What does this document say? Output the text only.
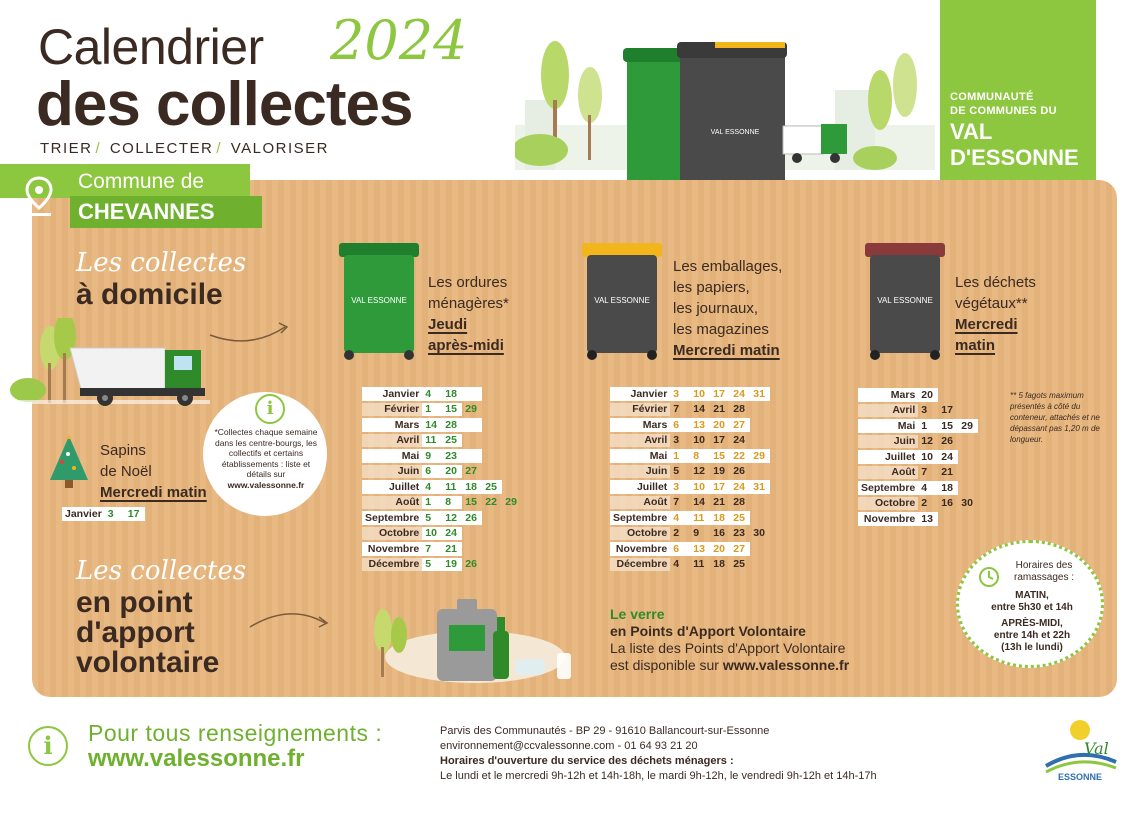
Calendrier 2024
des collectes
TRIER / COLLECTER / VALORISER
VAL ESSONNE
COMMUNAUTÉ
DE COMMUNES DU
VAL
D'ESSONNE
Commune de
CHEVANNES
Les collectes
à domicile
Sapins
de Noël
Mercredi matin
Janvier	3	17
i
*Collectes chaque semaine dans les centre-bourgs, les collectifs et certains établissements : liste et détails sur
www.valessonne.fr
VAL ESSONNE
Les ordures
ménagères*
Jeudi
après-midi
VAL ESSONNE
Les emballages,
les papiers,
les journaux,
les magazines
Mercredi matin
VAL ESSONNE
Les déchets
végétaux**
Mercredi
matin
Janvier	4	18			
Février	1	15	29		
Mars	14	28			
Avril	11	25			
Mai	9	23			
Juin	6	20	27		
Juillet	4	11	18	25	
Août	1	8	15	22	29
Septembre	5	12	26		
Octobre	10	24			
Novembre	7	21			
Décembre	5	19	26		
Janvier	3	10	17	24	31
Février	7	14	21	28	
Mars	6	13	20	27	
Avril	3	10	17	24	
Mai	1	8	15	22	29
Juin	5	12	19	26	
Juillet	3	10	17	24	31
Août	7	14	21	28	
Septembre	4	11	18	25	
Octobre	2	9	16	23	30
Novembre	6	13	20	27	
Décembre	4	11	18	25	
Mars	20		
Avril	3	17	
Mai	1	15	29
Juin	12	26	
Juillet	10	24	
Août	7	21	
Septembre	4	18	
Octobre	2	16	30
Novembre	13		
** 5 fagots maximum présentés à côté du conteneur, attachés et ne dépassant pas 1,20 m de longueur.
Les collectes
en point
d'apport
volontaire
Le verre
en Points d'Apport Volontaire
La liste des Points d'Apport Volontaire
est disponible sur www.valessonne.fr
Horaires des ramassages :
MATIN,
entre 5h30 et 14h
APRÈS-MIDI,
entre 14h et 22h
(13h le lundi)
i	Pour tous renseignements :
www.valessonne.fr
Parvis des Communautés - BP 29 - 91610 Ballancourt-sur-Essonne
environnement@ccvalessonne.com - 01 64 93 21 20
Horaires d'ouverture du service des déchets ménagers :
Le lundi et le mercredi 9h-12h et 14h-18h, le mardi 9h-12h, le vendredi 9h-12h et 14h-17h
Val
ESSONNE
